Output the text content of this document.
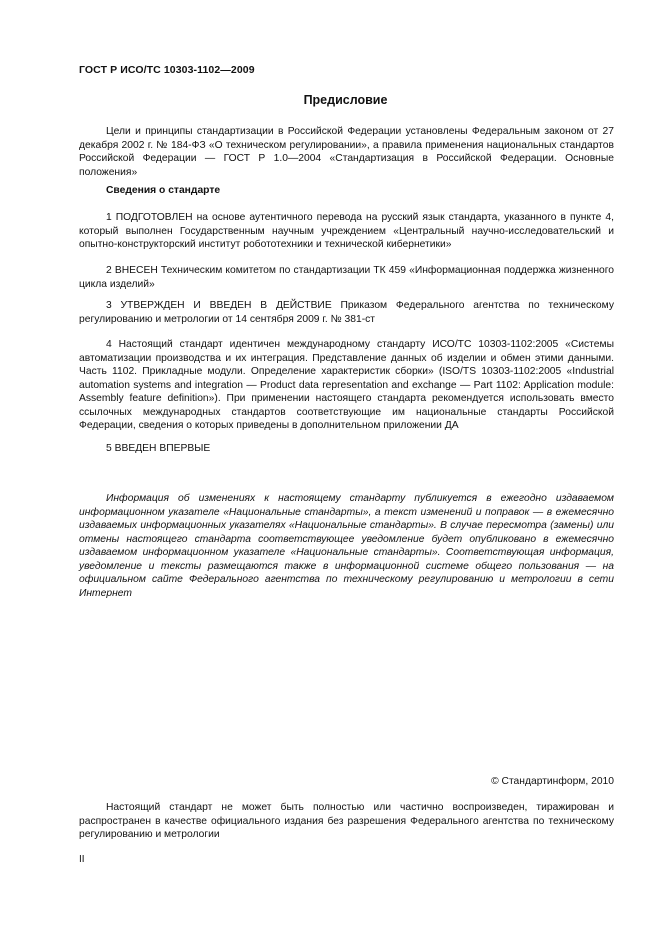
ГОСТ Р ИСО/ТС 10303-1102—2009
Предисловие

Цели и принципы стандартизации в Российской Федерации установлены Федеральным законом от 27 декабря 2002 г. № 184-ФЗ «О техническом регулировании», а правила применения национальных стандартов Российской Федерации — ГОСТ Р 1.0—2004 «Стандартизация в Российской Федерации. Основные положения»

Сведения о стандарте

1 ПОДГОТОВЛЕН на основе аутентичного перевода на русский язык стандарта, указанного в пункте 4, который выполнен Государственным научным учреждением «Центральный научно-исследовательский и опытно-конструкторский институт робототехники и технической кибернетики»

2 ВНЕСЕН Техническим комитетом по стандартизации ТК 459 «Информационная поддержка жизненного цикла изделий»

3 УТВЕРЖДЕН И ВВЕДЕН В ДЕЙСТВИЕ Приказом Федерального агентства по техническому регулированию и метрологии от 14 сентября 2009 г. № 381-ст

4 Настоящий стандарт идентичен международному стандарту ИСО/ТС 10303-1102:2005 «Системы автоматизации производства и их интеграция. Представление данных об изделии и обмен этими данными. Часть 1102. Прикладные модули. Определение характеристик сборки» (ISO/TS 10303-1102:2005 «Industrial automation systems and integration — Product data representation and exchange — Part 1102: Application module: Assembly feature definition»). При применении настоящего стандарта рекомендуется использовать вместо ссылочных международных стандартов соответствующие им национальные стандарты Российской Федерации, сведения о которых приведены в дополнительном приложении ДА

5 ВВЕДЕН ВПЕРВЫЕ

Информация об изменениях к настоящему стандарту публикуется в ежегодно издаваемом информационном указателе «Национальные стандарты», а текст изменений и поправок — в ежемесячно издаваемых информационных указателях «Национальные стандарты». В случае пересмотра (замены) или отмены настоящего стандарта соответствующее уведомление будет опубликовано в ежемесячно издаваемом информационном указателе «Национальные стандарты». Соответствующая информация, уведомление и тексты размещаются также в информационной системе общего пользования — на официальном сайте Федерального агентства по техническому регулированию и метрологии в сети Интернет

© Стандартинформ, 2010

Настоящий стандарт не может быть полностью или частично воспроизведен, тиражирован и распространен в качестве официального издания без разрешения Федерального агентства по техническому регулированию и метрологии

II
